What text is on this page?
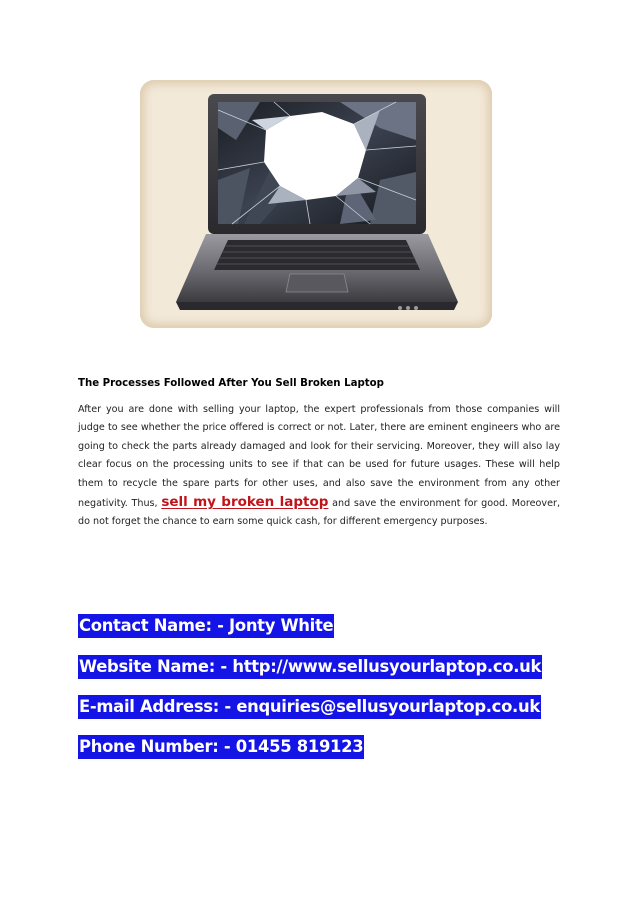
The Processes Followed After You Sell Broken Laptop
After you are done with selling your laptop, the expert professionals from those companies will judge to see whether the price offered is correct or not. Later, there are eminent engineers who are going to check the parts already damaged and look for their servicing. Moreover, they will also lay clear focus on the processing units to see if that can be used for future usages. These will help them to recycle the spare parts for other uses, and also save the environment from any other negativity. Thus, sell my broken laptop and save the environment for good. Moreover, do not forget the chance to earn some quick cash, for different emergency purposes.
Contact Name: - Jonty White
Website Name: - http://www.sellusyourlaptop.co.uk
E-mail Address: - enquiries@sellusyourlaptop.co.uk
Phone Number: - 01455 819123
